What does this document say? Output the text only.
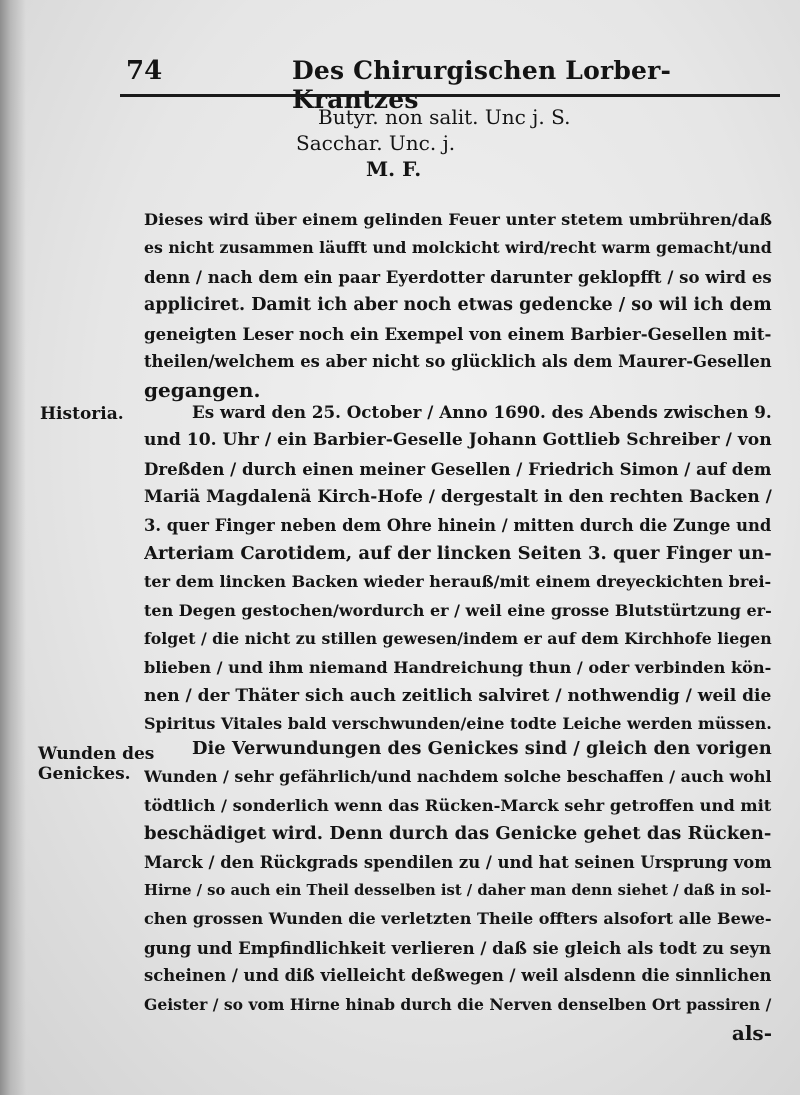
74	Des Chirurgischen Lorber-Krantzes
Butyr. non salit. Unc j. S.
Sacchar. Unc. j.
M. F.
Dieses wird über einem gelinden Feuer unter stetem umbrühren/daß
es nicht zusammen läufft und molckicht wird/recht warm gemacht/und
denn / nach dem ein paar Eyerdotter darunter geklopfft / so wird es
appliciret. Damit ich aber noch etwas gedencke / so wil ich dem
geneigten Leser noch ein Exempel von einem Barbier-Gesellen mit-
theilen/welchem es aber nicht so glücklich als dem Maurer-Gesellen
gegangen.
Historia.	Es ward den 25. October / Anno 1690. des Abends zwischen 9.
und 10. Uhr / ein Barbier-Geselle Johann Gottlieb Schreiber / von
Dreßden / durch einen meiner Gesellen / Friedrich Simon / auf dem
Mariä Magdalenä Kirch-Hofe / dergestalt in den rechten Backen /
3. quer Finger neben dem Ohre hinein / mitten durch die Zunge und
Arteriam Carotidem, auf der lincken Seiten 3. quer Finger un-
ter dem lincken Backen wieder herauß/mit einem dreyeckichten brei-
ten Degen gestochen/wordurch er / weil eine grosse Blutstürtzung er-
folget / die nicht zu stillen gewesen/indem er auf dem Kirchhofe liegen
blieben / und ihm niemand Handreichung thun / oder verbinden kön-
nen / der Thäter sich auch zeitlich salviret / nothwendig / weil die
Spiritus Vitales bald verschwunden/eine todte Leiche werden müssen.
Wunden des
Genickes.
Die Verwundungen des Genickes sind / gleich den vorigen
Wunden / sehr gefährlich/und nachdem solche beschaffen / auch wohl
tödtlich / sonderlich wenn das Rücken-Marck sehr getroffen und mit
beschädiget wird. Denn durch das Genicke gehet das Rücken-
Marck / den Rückgrads spendilen zu / und hat seinen Ursprung vom
Hirne / so auch ein Theil desselben ist / daher man denn siehet / daß in sol-
chen grossen Wunden die verletzten Theile offters alsofort alle Bewe-
gung und Empfindlichkeit verlieren / daß sie gleich als todt zu seyn
scheinen / und diß vielleicht deßwegen / weil alsdenn die sinnlichen
Geister / so vom Hirne hinab durch die Nerven denselben Ort passiren /
als-
